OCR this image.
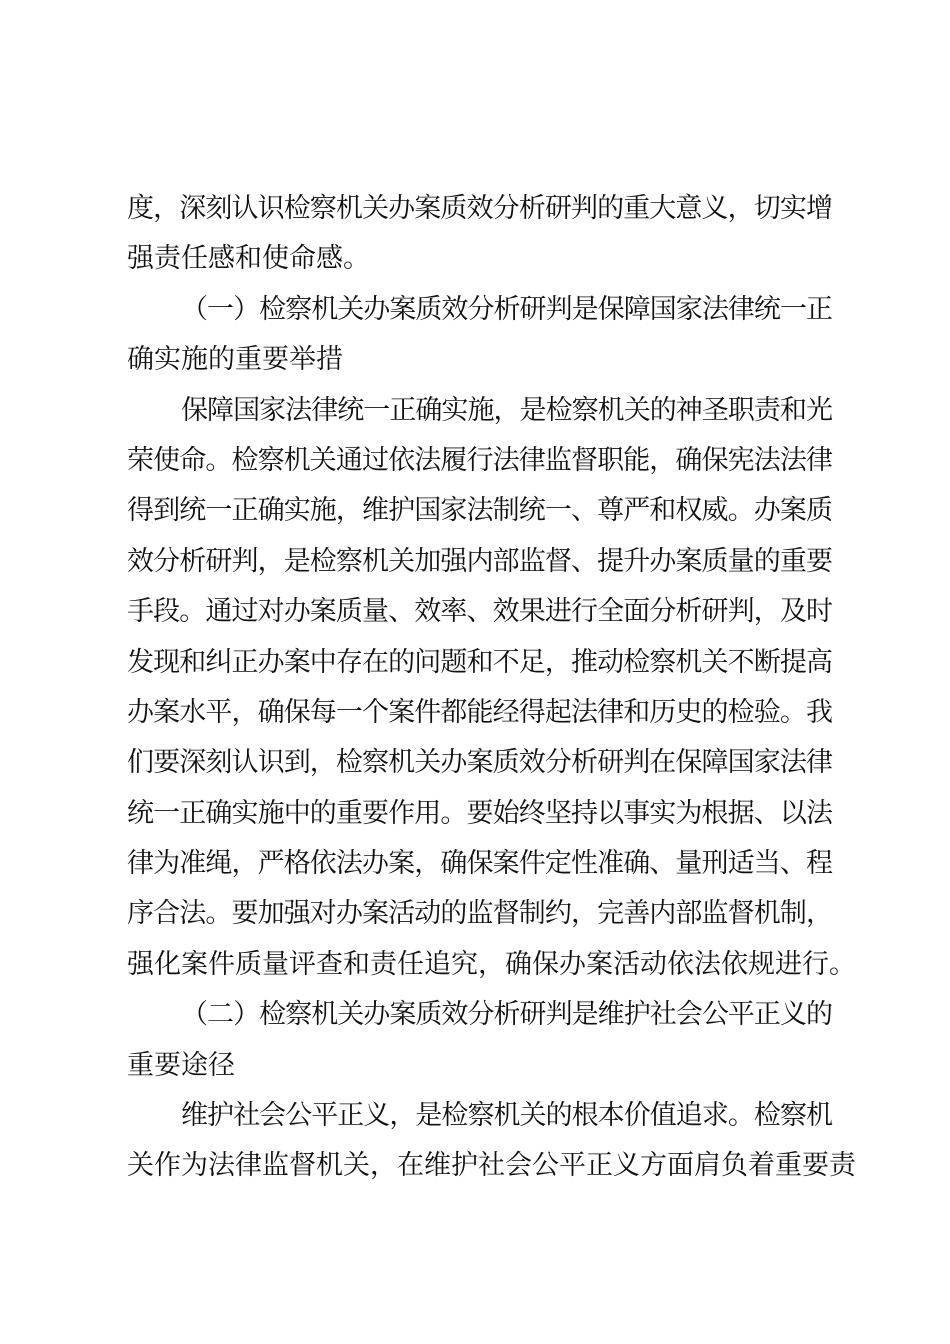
度，深刻认识检察机关办案质效分析研判的重大意义，切实增
强责任感和使命感。
（一）检察机关办案质效分析研判是保障国家法律统一正
确实施的重要举措
保障国家法律统一正确实施，是检察机关的神圣职责和光
荣使命。检察机关通过依法履行法律监督职能，确保宪法法律
得到统一正确实施，维护国家法制统一、尊严和权威。办案质
效分析研判，是检察机关加强内部监督、提升办案质量的重要
手段。通过对办案质量、效率、效果进行全面分析研判，及时
发现和纠正办案中存在的问题和不足，推动检察机关不断提高
办案水平，确保每一个案件都能经得起法律和历史的检验。我
们要深刻认识到，检察机关办案质效分析研判在保障国家法律
统一正确实施中的重要作用。要始终坚持以事实为根据、以法
律为准绳，严格依法办案，确保案件定性准确、量刑适当、程
序合法。要加强对办案活动的监督制约，完善内部监督机制，
强化案件质量评查和责任追究，确保办案活动依法依规进行。
（二）检察机关办案质效分析研判是维护社会公平正义的
重要途径
维护社会公平正义，是检察机关的根本价值追求。检察机
关作为法律监督机关，在维护社会公平正义方面肩负着重要责
